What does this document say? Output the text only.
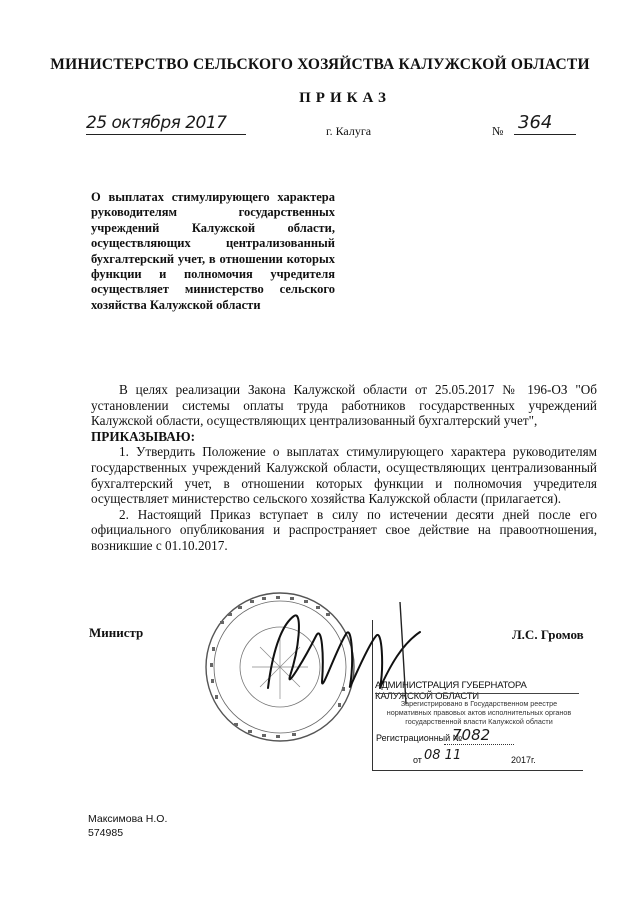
МИНИСТЕРСТВО СЕЛЬСКОГО ХОЗЯЙСТВА КАЛУЖСКОЙ ОБЛАСТИ
ПРИКАЗ
25 октября 2017	г. Калуга	№ 364
О выплатах стимулирующего характера руководителям государственных учреждений Калужской области, осуществляющих централизованный бухгалтерский учет, в отношении которых функции и полномочия учредителя осуществляет министерство сельского хозяйства Калужской области

В целях реализации Закона Калужской области от 25.05.2017 № 196-ОЗ "Об установлении системы оплаты труда работников государственных учреждений Калужской области, осуществляющих централизованный бухгалтерский учет",

ПРИКАЗЫВАЮ:

1. Утвердить Положение о выплатах стимулирующего характера руководителям государственных учреждений Калужской области, осуществляющих централизованный бухгалтерский учет, в отношении которых функции и полномочия учредителя осуществляет министерство сельского хозяйства Калужской области (прилагается).

2. Настоящий Приказ вступает в силу по истечении десяти дней после его официального опубликования и распространяет свое действие на правоотношения, возникшие с 01.10.2017.

Министр	Л.С. Громов
АДМИНИСТРАЦИЯ ГУБЕРНАТОРА КАЛУЖСКОЙ ОБЛАСТИ
Зарегистрировано в Государственном реестре нормативных правовых актов исполнительных органов государственной власти Калужской области
Регистрационный №
7082
от 08 11	2017г.
Максимова Н.О.
574985
